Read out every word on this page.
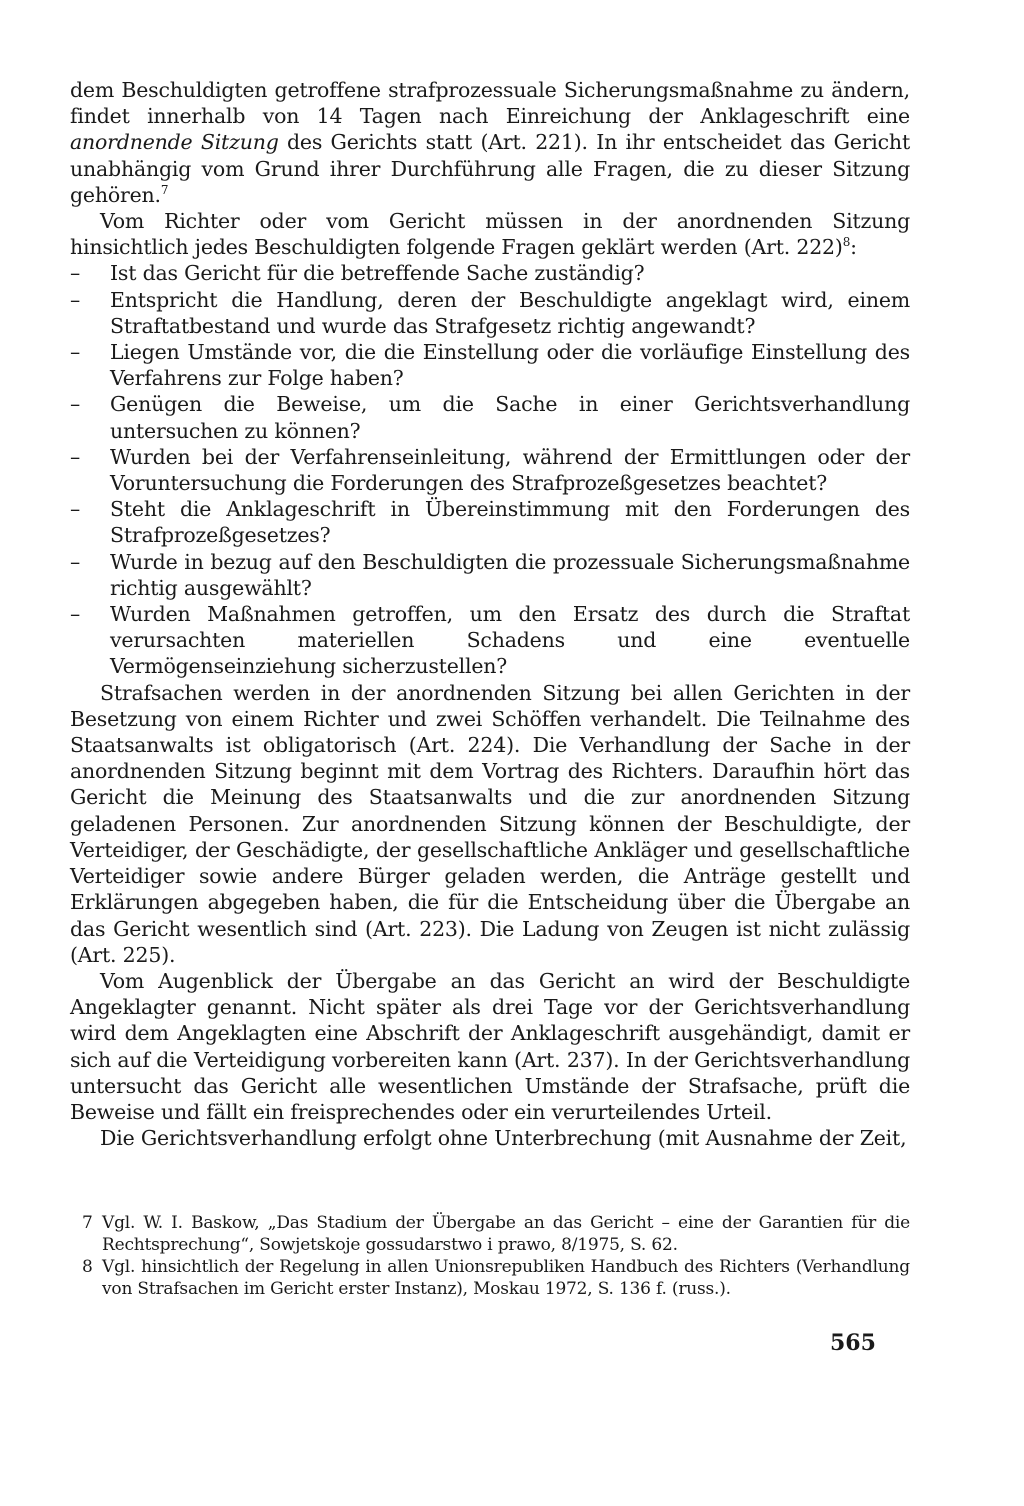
dem Beschuldigten getroffene strafprozessuale Sicherungsmaßnahme zu ändern, findet innerhalb von 14 Tagen nach Einreichung der Anklageschrift eine anordnende Sitzung des Gerichts statt (Art. 221). In ihr entscheidet das Gericht unabhängig vom Grund ihrer Durchführung alle Fragen, die zu dieser Sitzung gehören.$^7$

Vom Richter oder vom Gericht müssen in der anordnenden Sitzung hinsichtlich jedes Beschuldigten folgende Fragen geklärt werden (Art. 222)$^8$:

–	Ist das Gericht für die betreffende Sache zuständig?
–	Entspricht die Handlung, deren der Beschuldigte angeklagt wird, einem Straftatbestand und wurde das Strafgesetz richtig angewandt?
–	Liegen Umstände vor, die die Einstellung oder die vorläufige Einstellung des Verfahrens zur Folge haben?
–	Genügen die Beweise, um die Sache in einer Gerichtsverhandlung untersuchen zu können?
–	Wurden bei der Verfahrenseinleitung, während der Ermittlungen oder der Voruntersuchung die Forderungen des Strafprozeßgesetzes beachtet?
–	Steht die Anklageschrift in Übereinstimmung mit den Forderungen des Strafprozeßgesetzes?
–	Wurde in bezug auf den Beschuldigten die prozessuale Sicherungsmaßnahme richtig ausgewählt?
–	Wurden Maßnahmen getroffen, um den Ersatz des durch die Straftat verursachten materiellen Schadens und eine eventuelle Vermögenseinziehung sicherzustellen?

Strafsachen werden in der anordnenden Sitzung bei allen Gerichten in der Besetzung von einem Richter und zwei Schöffen verhandelt. Die Teilnahme des Staatsanwalts ist obligatorisch (Art. 224). Die Verhandlung der Sache in der anordnenden Sitzung beginnt mit dem Vortrag des Richters. Daraufhin hört das Gericht die Meinung des Staatsanwalts und die zur anordnenden Sitzung geladenen Personen. Zur anordnenden Sitzung können der Beschuldigte, der Verteidiger, der Geschädigte, der gesellschaftliche Ankläger und gesellschaftliche Verteidiger sowie andere Bürger geladen werden, die Anträge gestellt und Erklärungen abgegeben haben, die für die Entscheidung über die Übergabe an das Gericht wesentlich sind (Art. 223). Die Ladung von Zeugen ist nicht zulässig (Art. 225).

Vom Augenblick der Übergabe an das Gericht an wird der Beschuldigte Angeklagter genannt. Nicht später als drei Tage vor der Gerichtsverhandlung wird dem Angeklagten eine Abschrift der Anklageschrift ausgehändigt, damit er sich auf die Verteidigung vorbereiten kann (Art. 237). In der Gerichtsverhandlung untersucht das Gericht alle wesentlichen Umstände der Strafsache, prüft die Beweise und fällt ein freisprechendes oder ein verurteilendes Urteil.

Die Gerichtsverhandlung erfolgt ohne Unterbrechung (mit Ausnahme der Zeit,

7 Vgl. W. I. Baskow, „Das Stadium der Übergabe an das Gericht – eine der Garantien für die Rechtsprechung“, Sowjetskoje gossudarstwo i prawo, 8/1975, S. 62.

8 Vgl. hinsichtlich der Regelung in allen Unionsrepubliken Handbuch des Richters (Verhandlung von Strafsachen im Gericht erster Instanz), Moskau 1972, S. 136 f. (russ.).

565
